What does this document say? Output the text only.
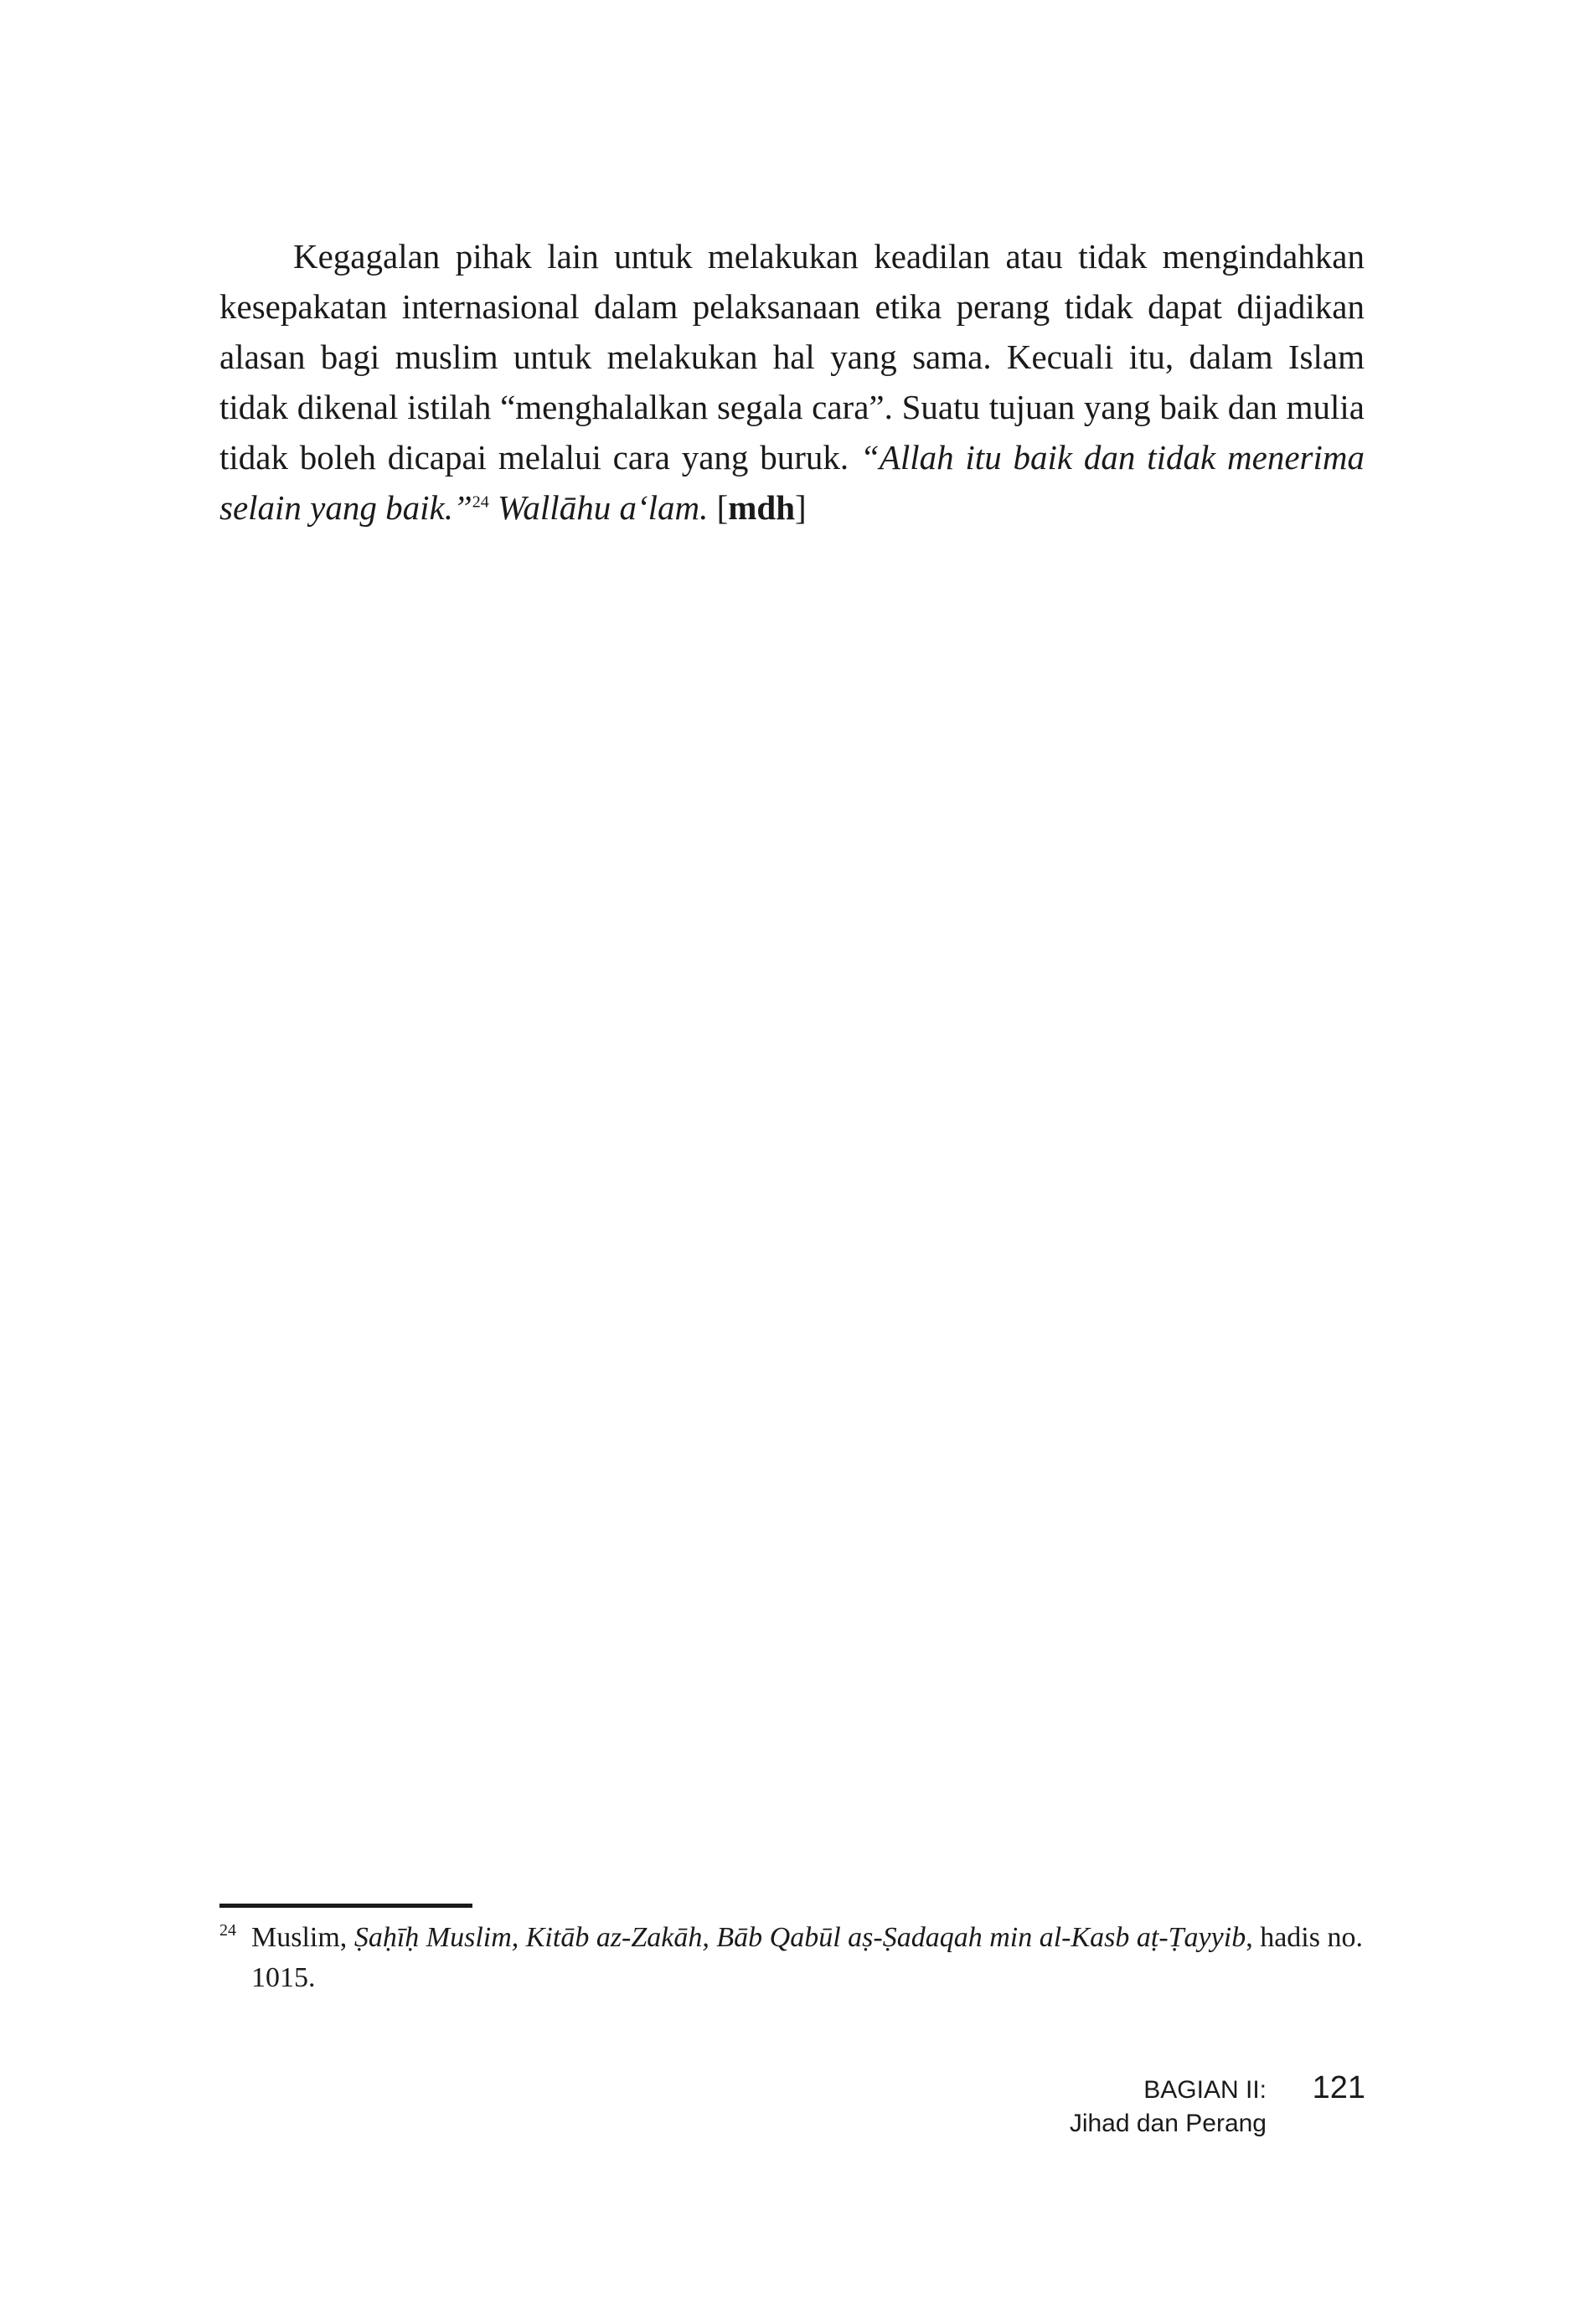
Kegagalan pihak lain untuk melakukan keadilan atau tidak mengindahkan kesepakatan internasional dalam pelaksanaan etika perang tidak dapat dijadikan alasan bagi muslim untuk melakukan hal yang sama. Kecuali itu, dalam Islam tidak dikenal istilah “menghalalkan segala cara”. Suatu tujuan yang baik dan mulia tidak boleh dicapai melalui cara yang buruk. “Allah itu baik dan tidak menerima selain yang baik.”$^{24}$ Wallāhu a‘lam. [mdh]

24 Muslim, Ṣaḥīḥ Muslim, Kitāb az-Zakāh, Bāb Qabūl aṣ-Ṣadaqah min al-Kasb aṭ-Ṭayyib, hadis no. 1015.
BAGIAN II:
Jihad dan Perang
121
